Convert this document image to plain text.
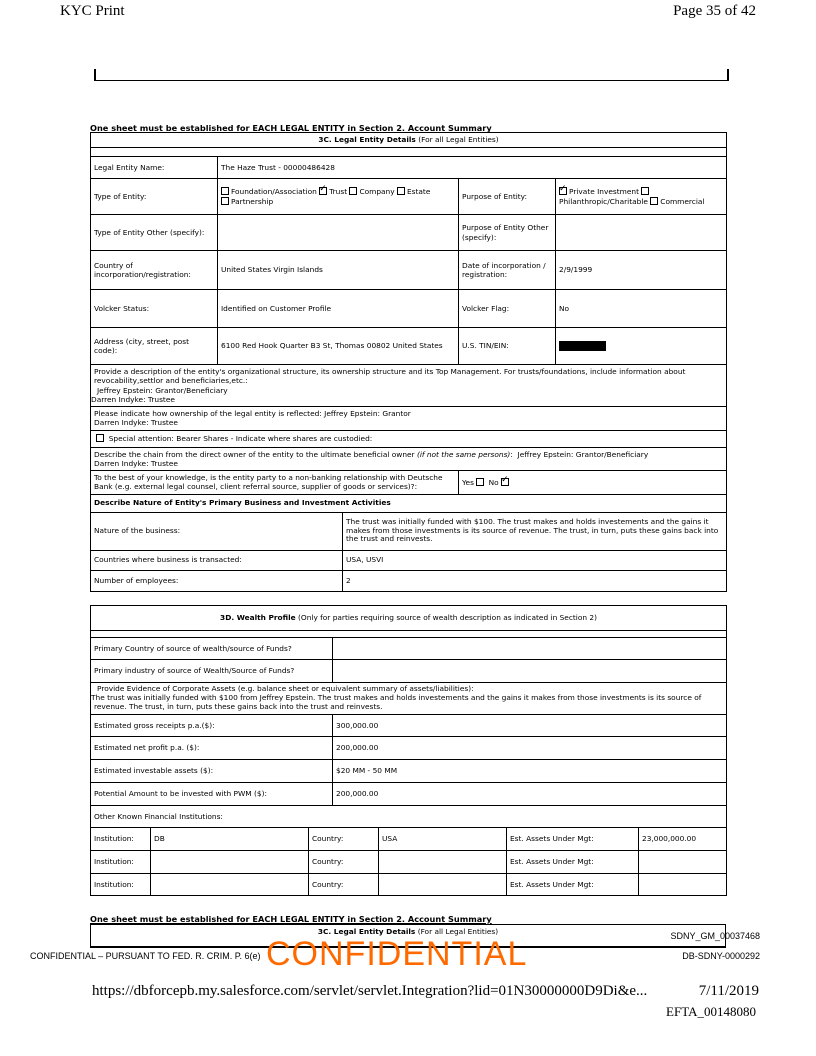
KYC Print	Page 35 of 42
One sheet must be established for EACH LEGAL ENTITY in Section 2. Account Summary
3C. Legal Entity Details (For all Legal Entities)				

Legal Entity Name:	The Haze Trust - 00000486428			
Type of Entity:	Foundation/Association ✓ Trust Company Estate
Partnership		Purpose of Entity:	✓Private Investment
Philanthropic/Charitable Commercial
Type of Entity Other (specify):			Purpose of Entity Other (specify):	
Country of incorporation/registration:	United States Virgin Islands		Date of incorporation / registration:	2/9/1999
Volcker Status:	Identified on Customer Profile		Volcker Flag:	No
Address (city, street, post code):	6100 Red Hook Quarter B3 St, Thomas 00802 United States		U.S. TIN/EIN:	
Provide a description of the entity's organizational structure, its ownership structure and its Top Management. For trusts/foundations, include information about revocability,settlor and beneficiaries,etc.:
Jeffrey Epstein: Grantor/Beneficiary
Darren Indyke: Trustee				
Please indicate how ownership of the legal entity is reflected: Jeffrey Epstein: Grantor
Darren Indyke: Trustee				
Special attention: Bearer Shares - Indicate where shares are custodied:				
Describe the chain from the direct owner of the entity to the ultimate beneficial owner (if not the same persons): Jeffrey Epstein: Grantor/Beneficiary
Darren Indyke: Trustee				
To the best of your knowledge, is the entity party to a non-banking relationship with Deutsche Bank (e.g. external legal counsel, client referral source, supplier of goods or services)?:			Yes No ✓
Describe Nature of Entity's Primary Business and Investment Activities				
Nature of the business:		The trust was initially funded with $100. The trust makes and holds investements and the gains it makes from those investments is its source of revenue. The trust, in turn, puts these gains back into the trust and reinvests.		
Countries where business is transacted:		USA, USVI		
Number of employees:		2		
3D. Wealth Profile (Only for parties requiring source of wealth description as indicated in Section 2)						

Primary Country of source of wealth/source of Funds?						
Primary industry of source of Wealth/Source of Funds?						
Provide Evidence of Corporate Assets (e.g. balance sheet or equivalent summary of assets/liabilities):
The trust was initially funded with $100 from Jeffrey Epstein. The trust makes and holds investements and the gains it makes from those investments is its source of revenue. The trust, in turn, puts these gains back into the trust and reinvests.						
Estimated gross receipts p.a.($):			300,000.00			
Estimated net profit p.a. ($):			200,000.00			
Estimated investable assets ($):			$20 MM - 50 MM			
Potential Amount to be invested with PWM ($):			200,000.00			
Other Known Financial Institutions:						
Institution:	DB	Country:		USA	Est. Assets Under Mgt:	23,000,000.00
Institution:		Country:			Est. Assets Under Mgt:	
Institution:		Country:			Est. Assets Under Mgt:	
One sheet must be established for EACH LEGAL ENTITY in Section 2. Account Summary
3C. Legal Entity Details (For all Legal Entities)	SDNY_GM_00037468
DB-SDNY-0000292
CONFIDENTIAL – PURSUANT TO FED. R. CRIM. P. 6(e) CONFIDENTIAL
https://dbforcepb.my.salesforce.com/servlet/servlet.Integration?lid=01N30000000D9Di&e...	7/11/2019
EFTA_00148080
